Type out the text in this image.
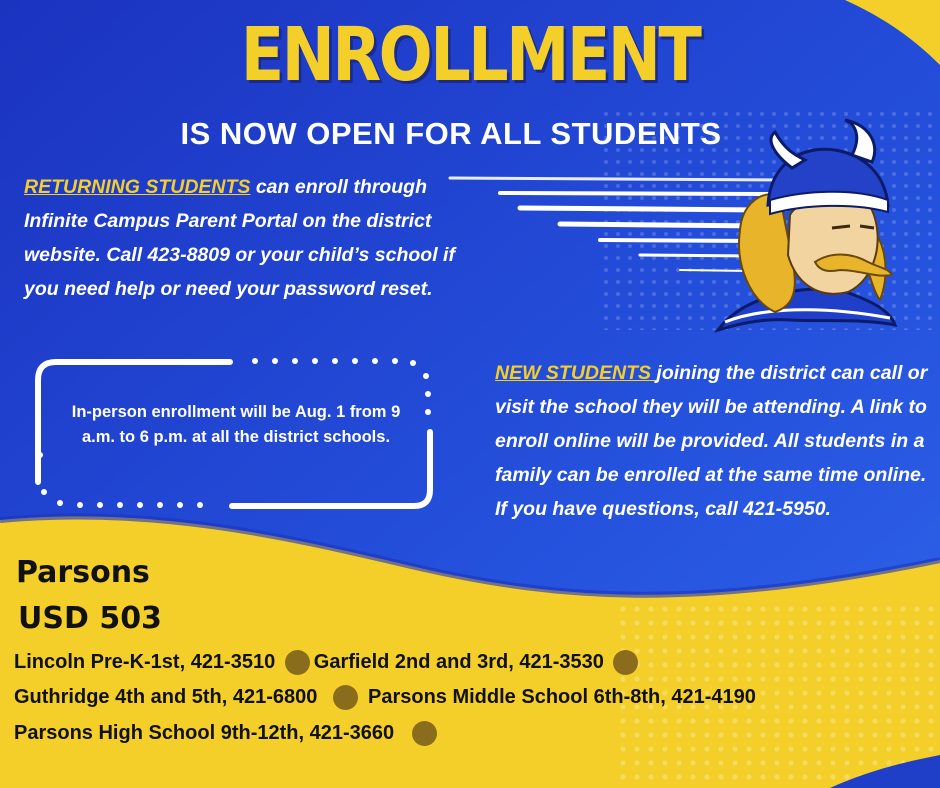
ENROLLMENT
IS NOW OPEN FOR ALL STUDENTS
RETURNING STUDENTS can enroll through Infinite Campus Parent Portal on the district website. Call 423-8809 or your child’s school if you need help or need your password reset.
In-person enrollment will be Aug. 1 from 9 a.m. to 6 p.m. at all the district schools.
NEW STUDENTS joining the district can call or visit the school they will be attending. A link to enroll online will be provided. All students in a family can be enrolled at the same time online. If you have questions, call 421-5950.
Parsons
USD 503
Lincoln Pre-K-1st, 421-3510 Garfield 2nd and 3rd, 421-3530
Guthridge 4th and 5th, 421-6800	Parsons Middle School 6th-8th, 421-4190
Parsons High School 9th-12th, 421-3660
